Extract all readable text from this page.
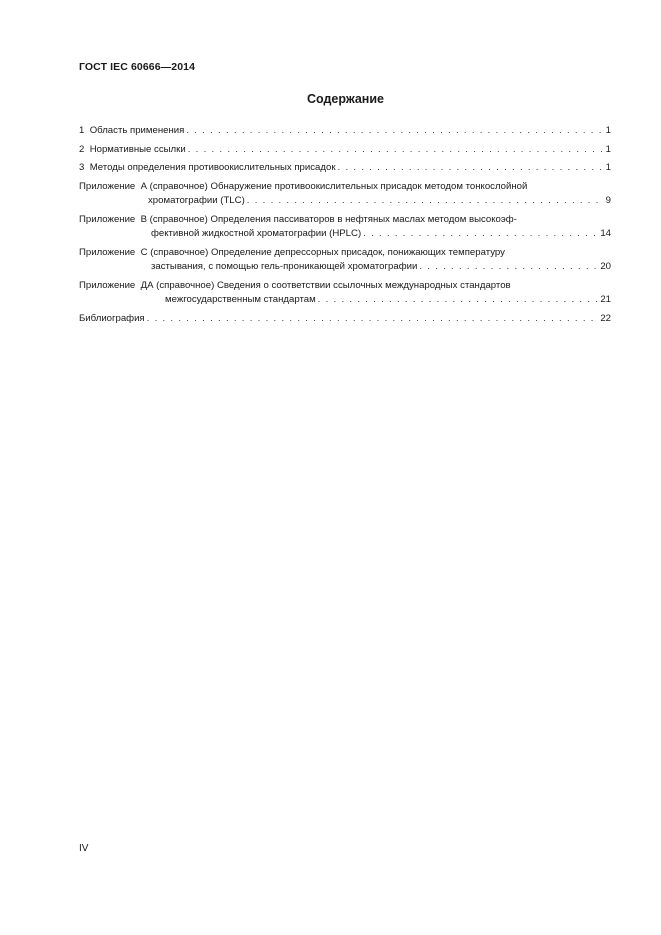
ГОСТ IEC 60666—2014
Содержание
1 Область применения . . .	1
2 Нормативные ссылки . . .	1
3 Методы определения противоокислительных присадок . . .	1
Приложение  А (справочное) Обнаружение противоокислительных присадок методом тонкослойной
хроматографии (TLC) . . .	9
Приложение  В (справочное) Определения пассиваторов в нефтяных маслах методом высокоэф-
фективной жидкостной хроматографии (HPLC) . . .	14
Приложение  С (справочное) Определение депрессорных присадок, понижающих температуру
застывания, с помощью гель-проникающей хроматографии . . .	20
Приложение  ДА (справочное) Сведения о соответствии ссылочных международных стандартов
межгосударственным стандартам . . .	21
Библиография . . .	22
IV
